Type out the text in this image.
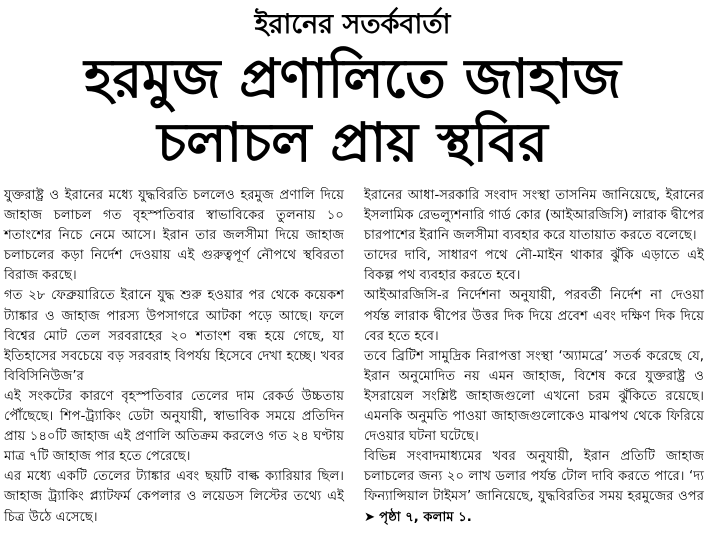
ইরানের সতর্কবার্তা
হরমুজ প্রণালিতে জাহাজ
চলাচল প্রায় স্থবির

যুক্তরাষ্ট্র ও ইরানের মধ্যে যুদ্ধবিরতি চললেও হরমুজ প্রণালি দিয়ে জাহাজ চলাচল গত বৃহস্পতিবার স্বাভাবিকের তুলনায় ১০ শতাংশের নিচে নেমে আসে। ইরান তার জলসীমা দিয়ে জাহাজ চলাচলের কড়া নির্দেশ দেওয়ায় এই গুরুত্বপূর্ণ নৌপথে স্থবিরতা বিরাজ করছে।

গত ২৮ ফেব্রুয়ারিতে ইরানে যুদ্ধ শুরু হওয়ার পর থেকে কয়েকশ ট্যাঙ্কার ও জাহাজ পারস্য উপসাগরে আটকা পড়ে আছে। ফলে বিশ্বের মোট তেল সরবরাহের ২০ শতাংশ বন্ধ হয়ে গেছে, যা ইতিহাসের সবচেয়ে বড় সরবরাহ বিপর্যয় হিসেবে দেখা হচ্ছে। খবর বিবিসিনিউজ’র

এই সংকটের কারণে বৃহস্পতিবার তেলের দাম রেকর্ড উচ্চতায় পৌঁছেছে। শিপ-ট্র্যাকিং ডেটা অনুযায়ী, স্বাভাবিক সময়ে প্রতিদিন প্রায় ১৪০টি জাহাজ এই প্রণালি অতিক্রম করলেও গত ২৪ ঘণ্টায় মাত্র ৭টি জাহাজ পার হতে পেরেছে।

এর মধ্যে একটি তেলের ট্যাঙ্কার এবং ছয়টি বাল্ক ক্যারিয়ার ছিল। জাহাজ ট্র্যাকিং প্ল্যাটফর্ম কেপলার ও লয়েডস লিস্টের তথ্যে এই চিত্র উঠে এসেছে।

ইরানের আধা-সরকারি সংবাদ সংস্থা তাসনিম জানিয়েছে, ইরানের ইসলামিক রেভল্যুশনারি গার্ড কোর (আইআরজিসি) লারাক দ্বীপের চারপাশের ইরানি জলসীমা ব্যবহার করে যাতায়াত করতে বলেছে।

তাদের দাবি, সাধারণ পথে নৌ-মাইন থাকার ঝুঁকি এড়াতে এই বিকল্প পথ ব্যবহার করতে হবে।

আইআরজিসি-র নির্দেশনা অনুযায়ী, পরবর্তী নির্দেশ না দেওয়া পর্যন্ত লারাক দ্বীপের উত্তর দিক দিয়ে প্রবেশ এবং দক্ষিণ দিক দিয়ে বের হতে হবে।

তবে ব্রিটিশ সামুদ্রিক নিরাপত্তা সংস্থা ‘অ্যামব্রে’ সতর্ক করেছে যে, ইরান অনুমোদিত নয় এমন জাহাজ, বিশেষ করে যুক্তরাষ্ট্র ও ইসরায়েল সংশ্লিষ্ট জাহাজগুলো এখনো চরম ঝুঁকিতে রয়েছে। এমনকি অনুমতি পাওয়া জাহাজগুলোকেও মাঝপথ থেকে ফিরিয়ে দেওয়ার ঘটনা ঘটেছে।

বিভিন্ন সংবাদমাধ্যমের খবর অনুযায়ী, ইরান প্রতিটি জাহাজ চলাচলের জন্য ২০ লাখ ডলার পর্যন্ত টোল দাবি করতে পারে। ‘দ্য ফিন্যান্সিয়াল টাইমস’ জানিয়েছে, যুদ্ধবিরতির সময় হরমুজের ওপর ➤ পৃষ্ঠা ৭, কলাম ১.
